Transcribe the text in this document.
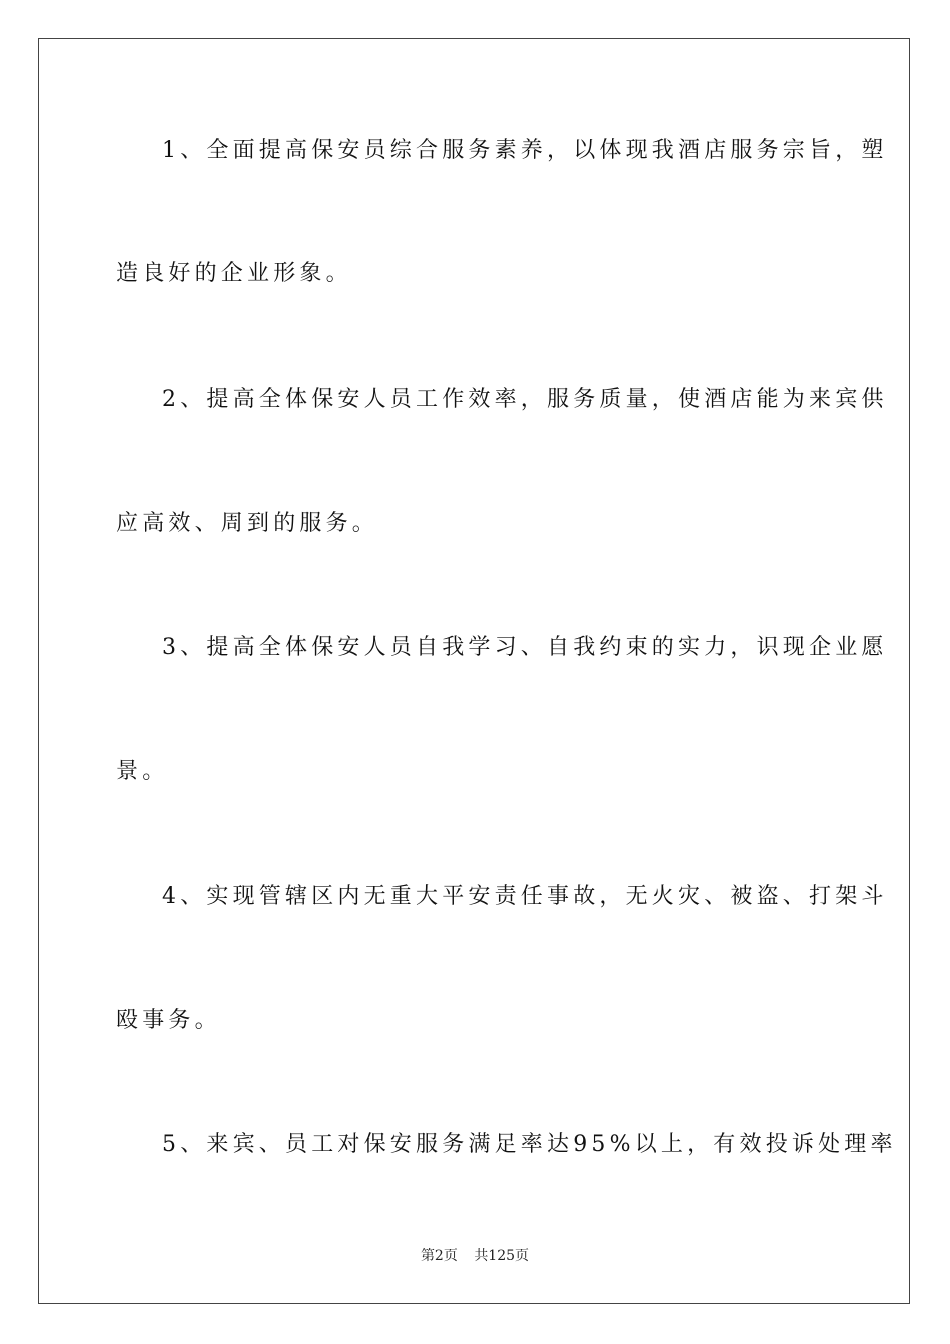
1、全面提高保安员综合服务素养，以体现我酒店服务宗旨，塑
造良好的企业形象。
2、提高全体保安人员工作效率，服务质量，使酒店能为来宾供
应高效、周到的服务。
3、提高全体保安人员自我学习、自我约束的实力，识现企业愿
景。
4、实现管辖区内无重大平安责任事故，无火灾、被盗、打架斗
殴事务。
5、来宾、员工对保安服务满足率达95%以上，有效投诉处理率
第2页 共125页
